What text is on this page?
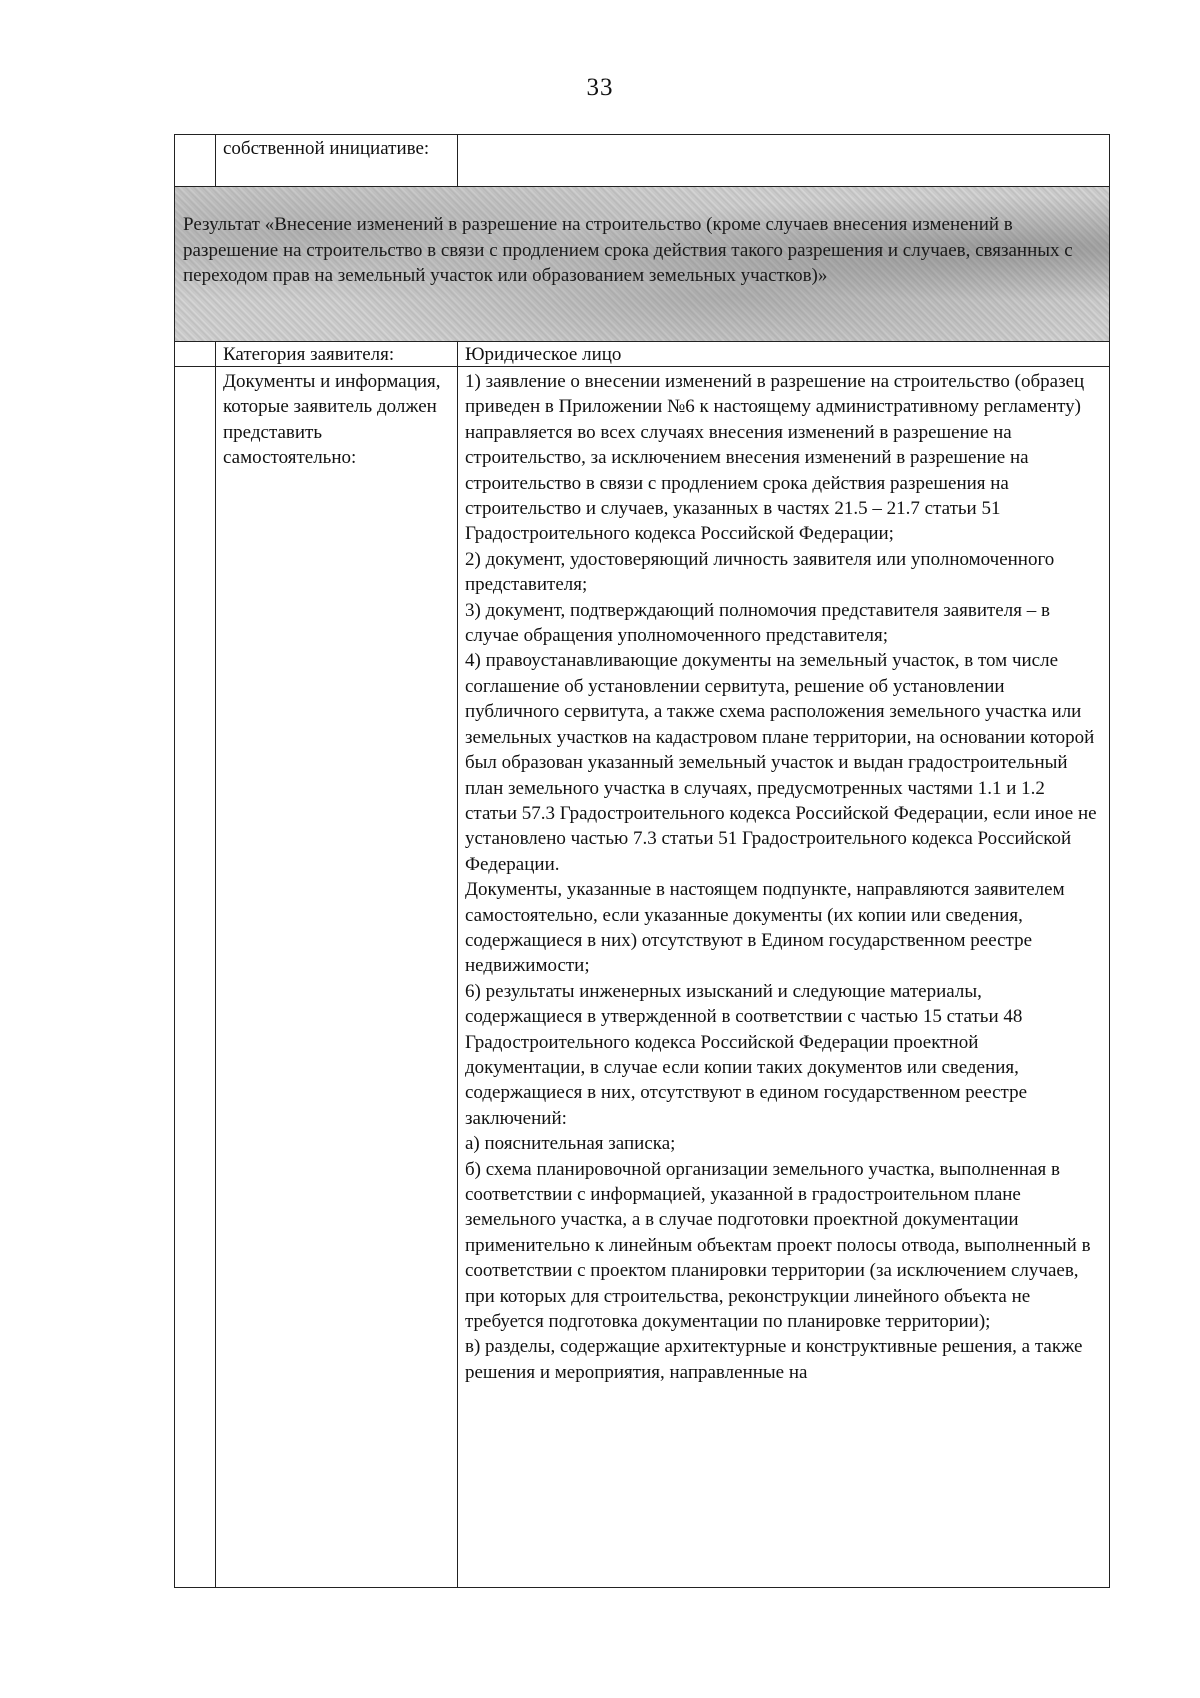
33
собственной инициативе:
Результат «Внесение изменений в разрешение на строительство (кроме случаев внесения изменений в разрешение на строительство в связи с продлением срока действия такого разрешения и случаев, связанных с переходом прав на земельный участок или образованием земельных участков)»
Категория заявителя:	Юридическое лицо
Документы и информация, которые заявитель должен представить самостоятельно:
1) заявление о внесении изменений в разрешение на строительство (образец приведен в Приложении №6 к настоящему административному регламенту) направляется во всех случаях внесения изменений в разрешение на строительство, за исключением внесения изменений в разрешение на строительство в связи с продлением срока действия разрешения на строительство и случаев, указанных в частях 21.5 – 21.7 статьи 51 Градостроительного кодекса Российской Федерации;
2) документ, удостоверяющий личность заявителя или уполномоченного представителя;
3) документ, подтверждающий полномочия представителя заявителя – в случае обращения уполномоченного представителя;
4) правоустанавливающие документы на земельный участок, в том числе соглашение об установлении сервитута, решение об установлении публичного сервитута, а также схема расположения земельного участка или земельных участков на кадастровом плане территории, на основании которой был образован указанный земельный участок и выдан градостроительный план земельного участка в случаях, предусмотренных частями 1.1 и 1.2 статьи 57.3 Градостроительного кодекса Российской Федерации, если иное не установлено частью 7.3 статьи 51 Градостроительного кодекса Российской Федерации.
Документы, указанные в настоящем подпункте, направляются заявителем самостоятельно, если указанные документы (их копии или сведения, содержащиеся в них) отсутствуют в Едином государственном реестре недвижимости;
6) результаты инженерных изысканий и следующие материалы, содержащиеся в утвержденной в соответствии с частью 15 статьи 48 Градостроительного кодекса Российской Федерации проектной документации, в случае если копии таких документов или сведения, содержащиеся в них, отсутствуют в едином государственном реестре заключений:
а) пояснительная записка;
б) схема планировочной организации земельного участка, выполненная в соответствии с информацией, указанной в градостроительном плане земельного участка, а в случае подготовки проектной документации применительно к линейным объектам проект полосы отвода, выполненный в соответствии с проектом планировки территории (за исключением случаев, при которых для строительства, реконструкции линейного объекта не требуется подготовка документации по планировке территории);
в) разделы, содержащие архитектурные и конструктивные решения, а также решения и мероприятия, направленные на
